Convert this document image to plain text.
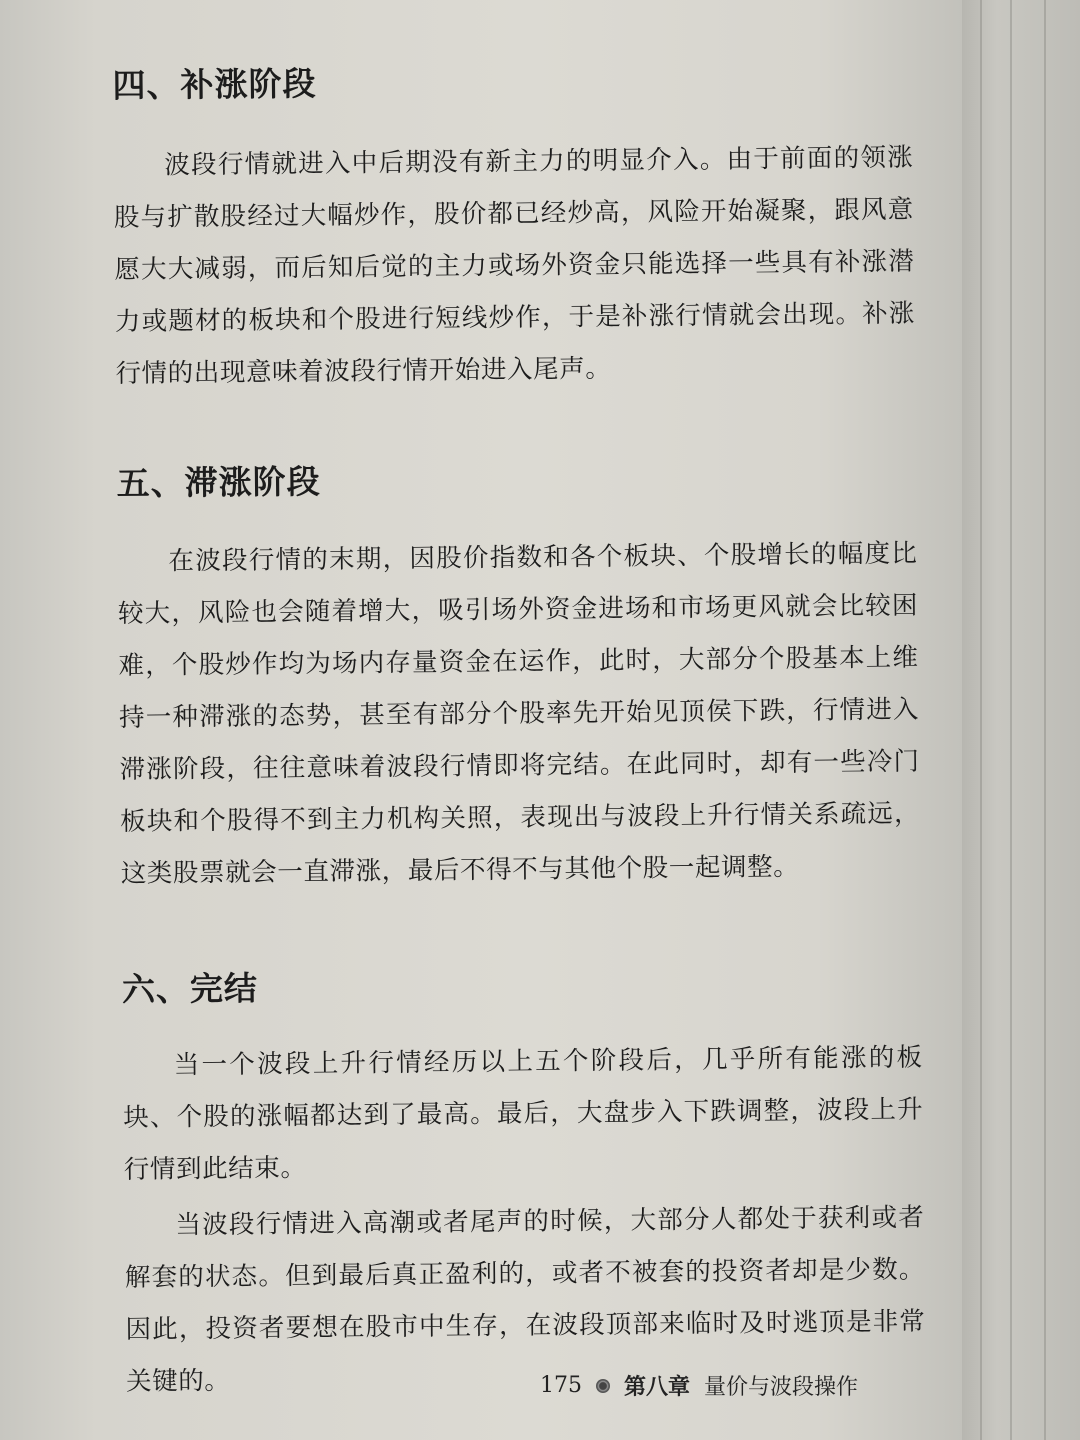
四、补涨阶段

波段行情就进入中后期没有新主力的明显介入。由于前面的领涨股与扩散股经过大幅炒作，股价都已经炒高，风险开始凝聚，跟风意愿大大减弱，而后知后觉的主力或场外资金只能选择一些具有补涨潜力或题材的板块和个股进行短线炒作，于是补涨行情就会出现。补涨行情的出现意味着波段行情开始进入尾声。

五、滞涨阶段

在波段行情的末期，因股价指数和各个板块、个股增长的幅度比较大，风险也会随着增大，吸引场外资金进场和市场更风就会比较困难，个股炒作均为场内存量资金在运作，此时，大部分个股基本上维持一种滞涨的态势，甚至有部分个股率先开始见顶侯下跌，行情进入滞涨阶段，往往意味着波段行情即将完结。在此同时，却有一些冷门板块和个股得不到主力机构关照，表现出与波段上升行情关系疏远，这类股票就会一直滞涨，最后不得不与其他个股一起调整。

六、完结

当一个波段上升行情经历以上五个阶段后，几乎所有能涨的板块、个股的涨幅都达到了最高。最后，大盘步入下跌调整，波段上升行情到此结束。

当波段行情进入高潮或者尾声的时候，大部分人都处于获利或者解套的状态。但到最后真正盈利的，或者不被套的投资者却是少数。因此，投资者要想在股市中生存，在波段顶部来临时及时逃顶是非常关键的。	175 第八章 量价与波段操作
